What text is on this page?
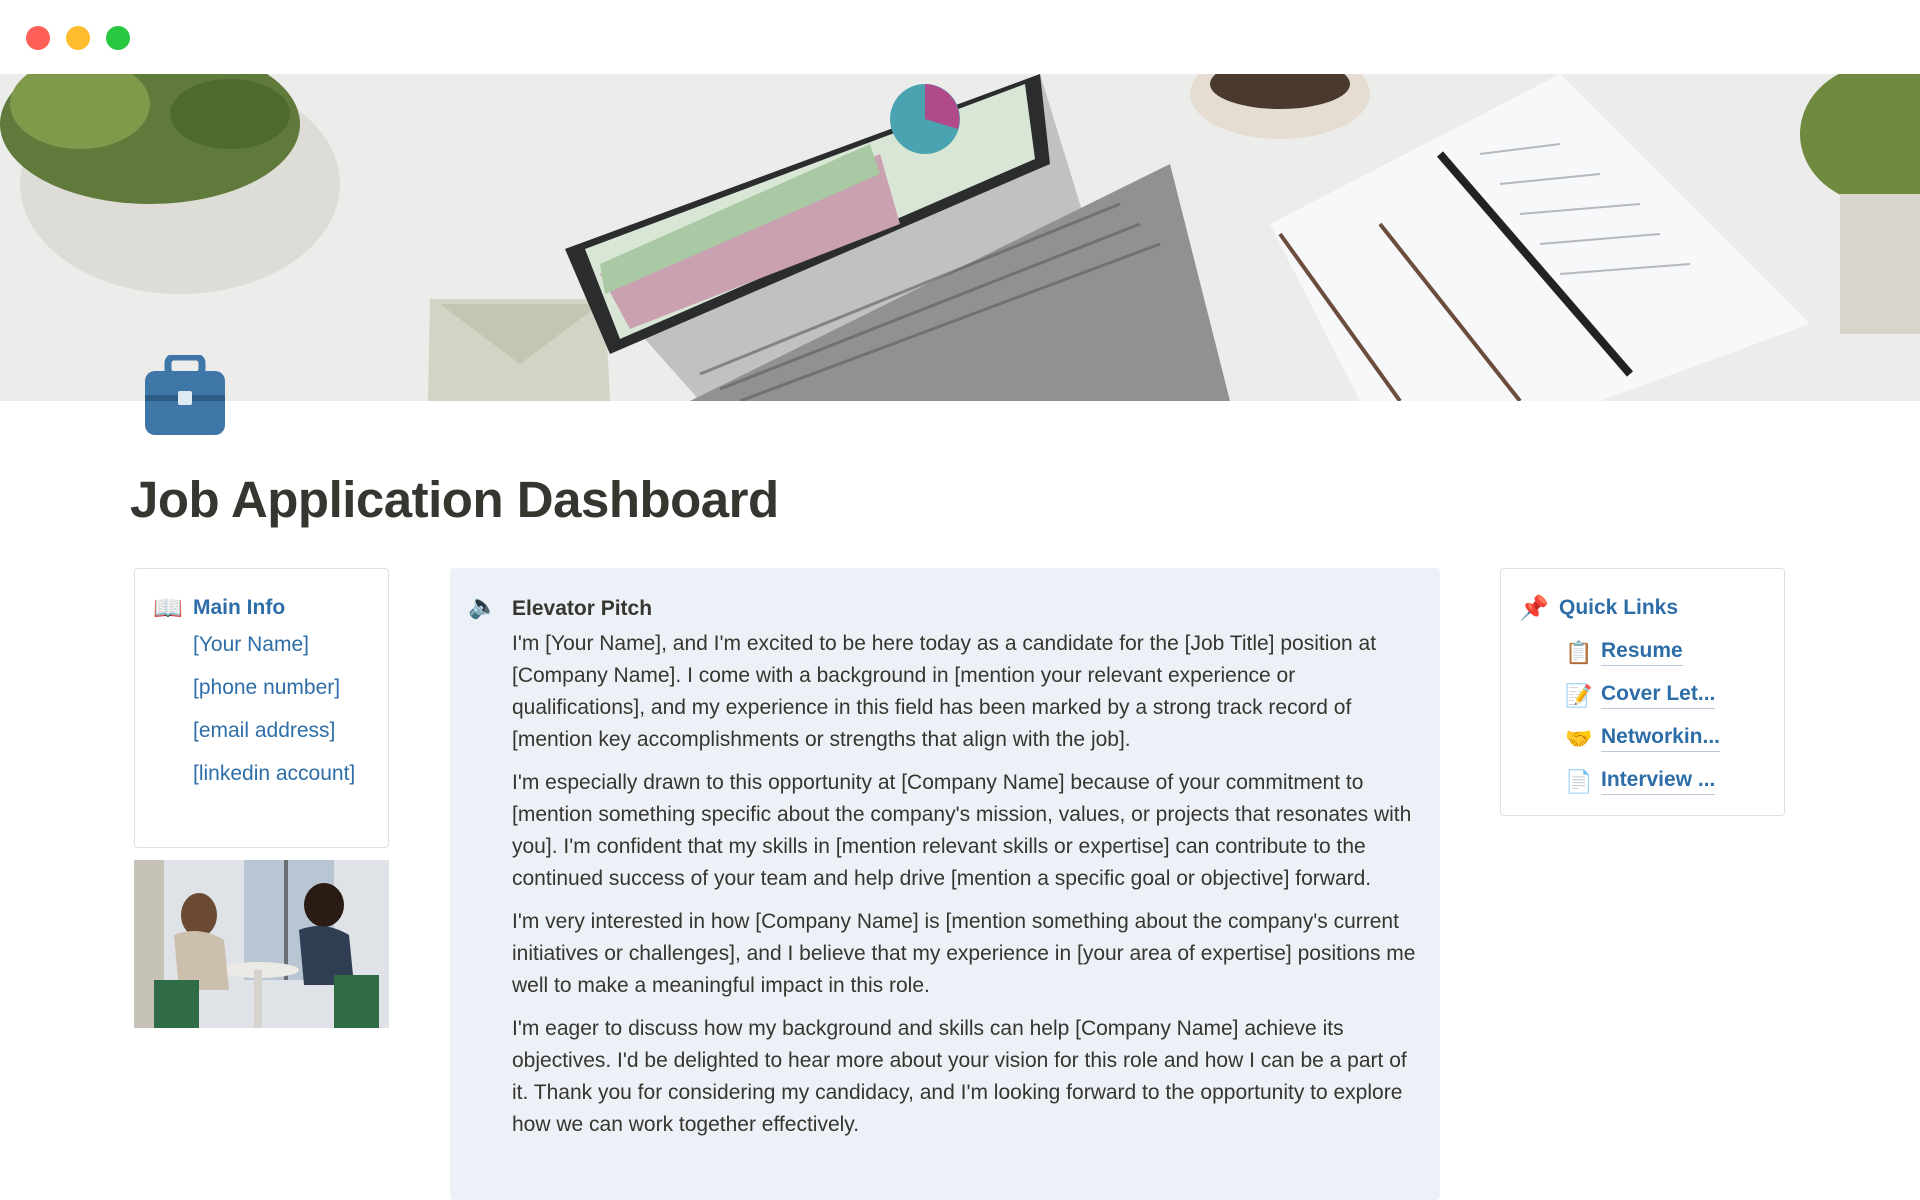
Job Application Dashboard
📖 Main Info
[Your Name]
[phone number]
[email address]
[linkedin account]
🔈 Elevator Pitch

I'm [Your Name], and I'm excited to be here today as a candidate for the [Job Title] position at [Company Name]. I come with a background in [mention your relevant experience or qualifications], and my experience in this field has been marked by a strong track record of [mention key accomplishments or strengths that align with the job].

I'm especially drawn to this opportunity at [Company Name] because of your commitment to [mention something specific about the company's mission, values, or projects that resonates with you]. I'm confident that my skills in [mention relevant skills or expertise] can contribute to the continued success of your team and help drive [mention a specific goal or objective] forward.

I'm very interested in how [Company Name] is [mention something about the company's current initiatives or challenges], and I believe that my experience in [your area of expertise] positions me well to make a meaningful impact in this role.

I'm eager to discuss how my background and skills can help [Company Name] achieve its objectives. I'd be delighted to hear more about your vision for this role and how I can be a part of it. Thank you for considering my candidacy, and I'm looking forward to the opportunity to explore how we can work together effectively.

📌 Quick Links
📋 Resume
📝 Cover Let...
🤝 Networkin...
📄 Interview ...
